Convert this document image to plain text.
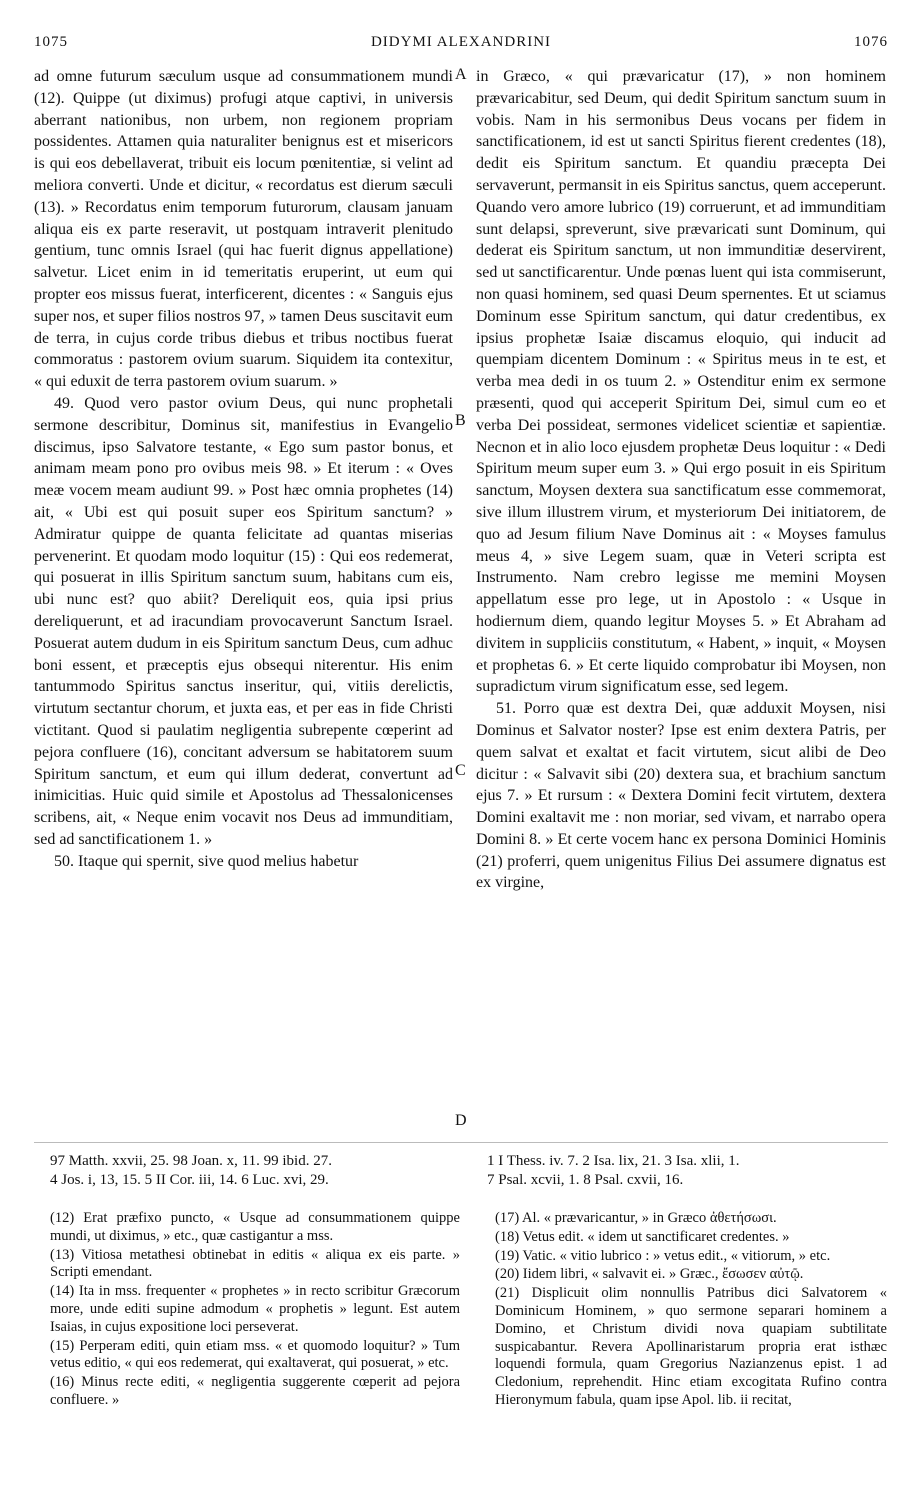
1075	DIDYMI ALEXANDRINI	1076

ad omne futurum sæculum usque ad consummationem mundi (12). Quippe (ut diximus) profugi atque captivi, in universis aberrant nationibus, non urbem, non regionem propriam possidentes. Attamen quia naturaliter benignus est et misericors is qui eos debellaverat, tribuit eis locum pœnitentiæ, si velint ad meliora converti. Unde et dicitur, « recordatus est dierum sæculi (13). » Recordatus enim temporum futurorum, clausam januam aliqua eis ex parte reseravit, ut postquam intraverit plenitudo gentium, tunc omnis Israel (qui hac fuerit dignus appellatione) salvetur. Licet enim in id temeritatis eruperint, ut eum qui propter eos missus fuerat, interficerent, dicentes : « Sanguis ejus super nos, et super filios nostros 97, » tamen Deus suscitavit eum de terra, in cujus corde tribus diebus et tribus noctibus fuerat commoratus : pastorem ovium suarum. Siquidem ita contexitur, « qui eduxit de terra pastorem ovium suarum. »

49. Quod vero pastor ovium Deus, qui nunc prophetali sermone describitur, Dominus sit, manifestius in Evangelio discimus, ipso Salvatore testante, « Ego sum pastor bonus, et animam meam pono pro ovibus meis 98. » Et iterum : « Oves meæ vocem meam audiunt 99. » Post hæc omnia prophetes (14) ait, « Ubi est qui posuit super eos Spiritum sanctum? » Admiratur quippe de quanta felicitate ad quantas miserias pervenerint. Et quodam modo loquitur (15) : Qui eos redemerat, qui posuerat in illis Spiritum sanctum suum, habitans cum eis, ubi nunc est? quo abiit? Dereliquit eos, quia ipsi prius dereliquerunt, et ad iracundiam provocaverunt Sanctum Israel. Posuerat autem dudum in eis Spiritum sanctum Deus, cum adhuc boni essent, et præceptis ejus obsequi niterentur. His enim tantummodo Spiritus sanctus inseritur, qui, vitiis derelictis, virtutum sectantur chorum, et juxta eas, et per eas in fide Christi victitant. Quod si paulatim negligentia subrepente cœperint ad pejora confluere (16), concitant adversum se habitatorem suum Spiritum sanctum, et eum qui illum dederat, convertunt ad inimicitias. Huic quid simile et Apostolus ad Thessalonicenses scribens, ait, « Neque enim vocavit nos Deus ad immunditiam, sed ad sanctificationem 1. »

50. Itaque qui spernit, sive quod melius habetur

A
B
C
D

in Græco, « qui prævaricatur (17), » non hominem prævaricabitur, sed Deum, qui dedit Spiritum sanctum suum in vobis. Nam in his sermonibus Deus vocans per fidem in sanctificationem, id est ut sancti Spiritus fierent credentes (18), dedit eis Spiritum sanctum. Et quandiu præcepta Dei servaverunt, permansit in eis Spiritus sanctus, quem acceperunt. Quando vero amore lubrico (19) corruerunt, et ad immunditiam sunt delapsi, spreverunt, sive prævaricati sunt Dominum, qui dederat eis Spiritum sanctum, ut non immunditiæ deservirent, sed ut sanctificarentur. Unde pœnas luent qui ista commiserunt, non quasi hominem, sed quasi Deum spernentes. Et ut sciamus Dominum esse Spiritum sanctum, qui datur credentibus, ex ipsius prophetæ Isaiæ discamus eloquio, qui inducit ad quempiam dicentem Dominum : « Spiritus meus in te est, et verba mea dedi in os tuum 2. » Ostenditur enim ex sermone præsenti, quod qui acceperit Spiritum Dei, simul cum eo et verba Dei possideat, sermones videlicet scientiæ et sapientiæ. Necnon et in alio loco ejusdem prophetæ Deus loquitur : « Dedi Spiritum meum super eum 3. » Qui ergo posuit in eis Spiritum sanctum, Moysen dextera sua sanctificatum esse commemorat, sive illum illustrem virum, et mysteriorum Dei initiatorem, de quo ad Jesum filium Nave Dominus ait : « Moyses famulus meus 4, » sive Legem suam, quæ in Veteri scripta est Instrumento. Nam crebro legisse me memini Moysen appellatum esse pro lege, ut in Apostolo : « Usque in hodiernum diem, quando legitur Moyses 5. » Et Abraham ad divitem in suppliciis constitutum, « Habent, » inquit, « Moysen et prophetas 6. » Et certe liquido comprobatur ibi Moysen, non supradictum virum significatum esse, sed legem.

51. Porro quæ est dextra Dei, quæ adduxit Moysen, nisi Dominus et Salvator noster? Ipse est enim dextera Patris, per quem salvat et exaltat et facit virtutem, sicut alibi de Deo dicitur : « Salvavit sibi (20) dextera sua, et brachium sanctum ejus 7. » Et rursum : « Dextera Domini fecit virtutem, dextera Domini exaltavit me : non moriar, sed vivam, et narrabo opera Domini 8. » Et certe vocem hanc ex persona Dominici Hominis (21) proferri, quem unigenitus Filius Dei assumere dignatus est ex virgine,

97 Matth. xxvii, 25. 98 Joan. x, 11. 99 ibid. 27.
4 Jos. i, 13, 15. 5 II Cor. iii, 14. 6 Luc. xvi, 29.
1 I Thess. iv. 7. 2 Isa. lix, 21. 3 Isa. xlii, 1.
7 Psal. xcvii, 1. 8 Psal. cxvii, 16.
(12) Erat præfixo puncto, « Usque ad consummationem quippe mundi, ut diximus, » etc., quæ castigantur a mss.
(13) Vitiosa metathesi obtinebat in editis « aliqua ex eis parte. » Scripti emendant.
(14) Ita in mss. frequenter « prophetes » in recto scribitur Græcorum more, unde editi supine admodum « prophetis » legunt. Est autem Isaias, in cujus expositione loci perseverat.
(15) Perperam editi, quin etiam mss. « et quomodo loquitur? » Tum vetus editio, « qui eos redemerat, qui exaltaverat, qui posuerat, » etc.
(16) Minus recte editi, « negligentia suggerente cœperit ad pejora confluere. »
(17) Al. « prævaricantur, » in Græco ἀθετήσωσι.
(18) Vetus edit. « idem ut sanctificaret credentes. »
(19) Vatic. « vitio lubrico : » vetus edit., « vitiorum, » etc.
(20) Iidem libri, « salvavit ei. » Græc., ἔσωσεν αὐτῷ.
(21) Displicuit olim nonnullis Patribus dici Salvatorem « Dominicum Hominem, » quo sermone separari hominem a Domino, et Christum dividi nova quapiam subtilitate suspicabantur. Revera Apollinaristarum propria erat isthæc loquendi formula, quam Gregorius Nazianzenus epist. 1 ad Cledonium, reprehendit. Hinc etiam excogitata Rufino contra Hieronymum fabula, quam ipse Apol. lib. ii recitat,
